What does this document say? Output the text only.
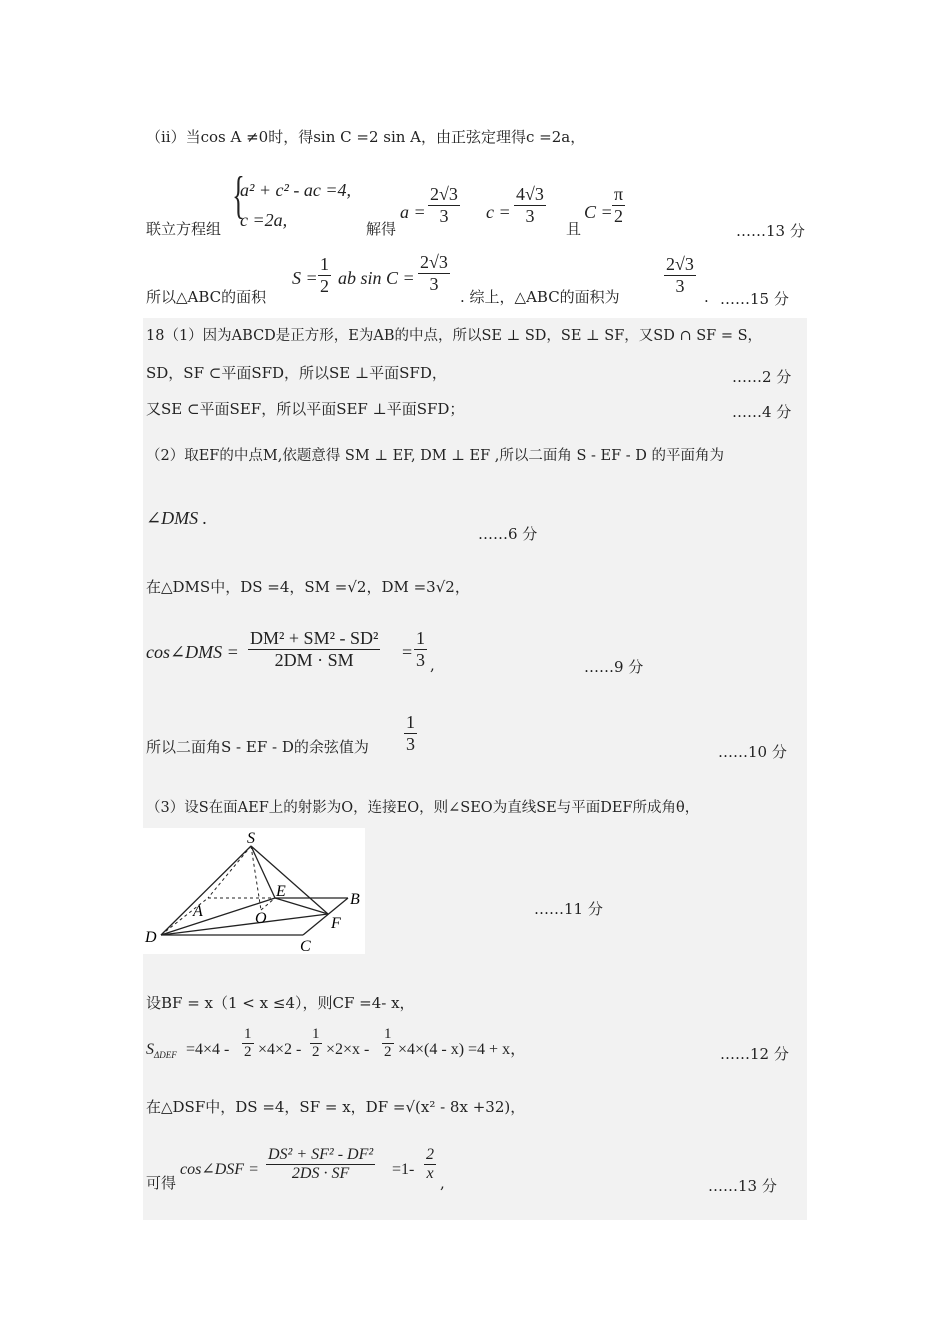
（ii）当cos A ≠0时，得sin C =2 sin A，由正弦定理得c =2a，
联立方程组
{
a² + c² - ac =4,
c =2a,	解得
$a = \frac{2√3}{3}$ $c = \frac{4√3}{3}$
且
$C = \frac{\pi}{2}$
……13 分
所以△ABC的面积
$S = \frac{1}{2}$ ab $\sin C = \frac{2√3}{3}$
. 综上，△ABC的面积为
$\frac{2√3}{3}$
. ……15 分
18（1）因为ABCD是正方形，E为AB的中点，所以SE ⊥ SD，SE ⊥ SF，又SD ∩ SF = S，
SD，SF ⊂平面SFD，所以SE ⊥平面SFD，	……2 分
又SE ⊂平面SEF，所以平面SEF ⊥平面SFD；	……4 分
（2）取EF的中点M,依题意得 SM ⊥ EF, DM ⊥ EF ,所以二面角 S - EF - D 的平面角为
∠DMS .
……6 分
在△DMS中，DS =4，SM =√2，DM =3√2，
cos∠DMS = $\frac{\text{DM² + SM² - SD²}}{2DM \cdot SM} = \frac{1}{3}$ ,	……9 分
所以二面角S - EF - D的余弦值为 $\frac{1}{3}$	……10 分
（3）设S在面AEF上的射影为O，连接EO，则∠SEO为直线SE与平面DEF所成角θ，
S
E	B
A	O	F
D
C
……11 分
设BF = x（1 < x ≤4），则CF =4- x，
$S_{\Delta DEF} =4\times 4 - \frac{1}{2} \times 4\times 2 - \frac{1}{2} \times 2\times x - \frac{1}{2} \times 4\times(4 - x) =4 + x$，	……12 分
在△DSF中，DS =4，SF = x，DF =√(x² - 8x +32)，
可得
cos∠DSF = $\frac{\text{DS² + SF² - DF²}}{2DS \cdot SF} =1- \frac{2}{x}$ ,	……13 分
